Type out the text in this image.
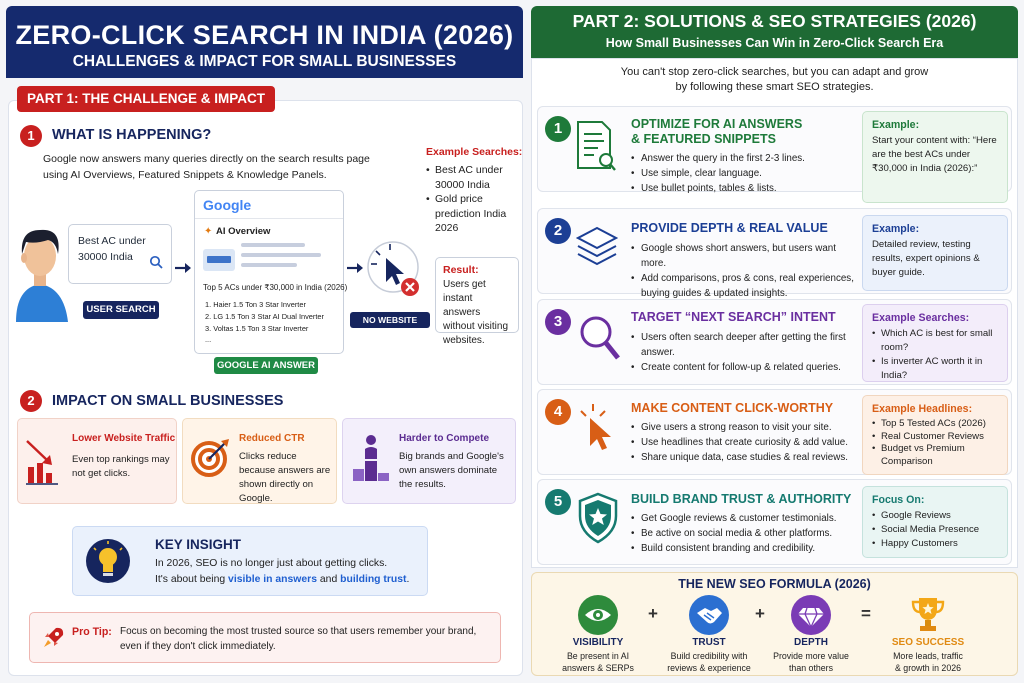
ZERO-CLICK SEARCH IN INDIA (2026)
CHALLENGES & IMPACT FOR SMALL BUSINESSES
PART 1: THE CHALLENGE & IMPACT
1	WHAT IS HAPPENING?
Google now answers many queries directly on the search results page
using AI Overviews, Featured Snippets & Knowledge Panels.
Best AC under
30000 India
USER SEARCH
Google
✦ AI Overview
Top 5 ACs under ₹30,000 in India (2026)
1. Haier 1.5 Ton 3 Star Inverter
2. LG 1.5 Ton 3 Star AI Dual Inverter
3. Voltas 1.5 Ton 3 Star Inverter
...
GOOGLE AI ANSWER
NO WEBSITE CLICK
Example Searches:
• Best AC under 30000 India
• Gold price prediction India 2026
Result:
Users get instant answers without visiting websites.
2	IMPACT ON SMALL BUSINESSES
Lower Website Traffic
Even top rankings may not get clicks.
Reduced CTR
Clicks reduce because answers are shown directly on Google.
Harder to Compete
Big brands and Google's own answers dominate the results.
KEY INSIGHT
In 2026, SEO is no longer just about getting clicks.
It's about being visible in answers and building trust.
Pro Tip: Focus on becoming the most trusted source so that users remember your brand,
even if they don't click immediately.
PART 2: SOLUTIONS & SEO STRATEGIES (2026)
How Small Businesses Can Win in Zero-Click Search Era
You can't stop zero-click searches, but you can adapt and grow
by following these smart SEO strategies.
1
2
3
4
5
OPTIMIZE FOR AI ANSWERS
& FEATURED SNIPPETS
• Answer the query in the first 2-3 lines.
• Use simple, clear language.
• Use bullet points, tables & lists.
Example:
Start your content with: “Here are the best ACs under ₹30,000 in India (2026):”
PROVIDE DEPTH & REAL VALUE
• Google shows short answers, but users want more.
• Add comparisons, pros & cons, real experiences, buying guides & updated insights.
Example:
Detailed review, testing results, expert opinions & buyer guide.
TARGET “NEXT SEARCH” INTENT
• Users often search deeper after getting the first answer.
• Create content for follow-up & related queries.
Example Searches:
• Which AC is best for small room?
• Is inverter AC worth it in India?
MAKE CONTENT CLICK-WORTHY
• Give users a strong reason to visit your site.
• Use headlines that create curiosity & add value.
• Share unique data, case studies & real reviews.
Example Headlines:
• Top 5 Tested ACs (2026)
• Real Customer Reviews
• Budget vs Premium Comparison
BUILD BRAND TRUST & AUTHORITY
• Get Google reviews & customer testimonials.
• Be active on social media & other platforms.
• Build consistent branding and credibility.
Focus On:
• Google Reviews
• Social Media Presence
• Happy Customers
THE NEW SEO FORMULA (2026)
+	+	=
VISIBILITY
Be present in AI
answers & SERPs
TRUST
Build credibility with
reviews & experience
DEPTH
Provide more value
than others
SEO SUCCESS
More leads, traffic
& growth in 2026
